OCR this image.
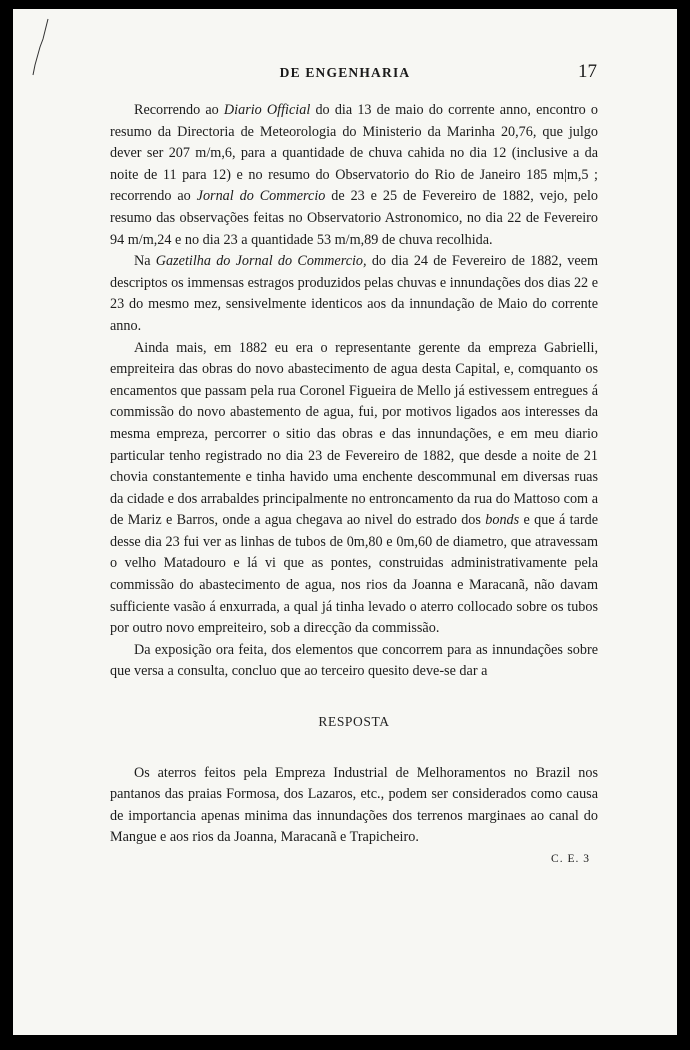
DE ENGENHARIA	17

Recorrendo ao Diario Official do dia 13 de maio do corrente anno, encontro o resumo da Directoria de Meteorologia do Ministerio da Marinha 20,76, que julgo dever ser 207 m/m,6, para a quantidade de chuva cahida no dia 12 (inclusive a da noite de 11 para 12) e no resumo do Observatorio do Rio de Janeiro 185 m|m,5 ; recorrendo ao Jornal do Commercio de 23 e 25 de Fevereiro de 1882, vejo, pelo resumo das observações feitas no Observatorio Astronomico, no dia 22 de Fevereiro 94 m/m,24 e no dia 23 a quantidade 53 m/m,89 de chuva recolhida.

Na Gazetilha do Jornal do Commercio, do dia 24 de Fevereiro de 1882, veem descriptos os immensas estragos produzidos pelas chuvas e innundações dos dias 22 e 23 do mesmo mez, sensivelmente identicos aos da innundação de Maio do corrente anno.

Ainda mais, em 1882 eu era o representante gerente da empreza Gabrielli, empreiteira das obras do novo abastecimento de agua desta Capital, e, comquanto os encamentos que passam pela rua Coronel Figueira de Mello já estivessem entregues á commissão do novo abastemento de agua, fui, por motivos ligados aos interesses da mesma empreza, percorrer o sitio das obras e das innundações, e em meu diario particular tenho registrado no dia 23 de Fevereiro de 1882, que desde a noite de 21 chovia constantemente e tinha havido uma enchente descommunal em diversas ruas da cidade e dos arrabaldes principalmente no entroncamento da rua do Mattoso com a de Mariz e Barros, onde a agua chegava ao nivel do estrado dos bonds e que á tarde desse dia 23 fui ver as linhas de tubos de 0m,80 e 0m,60 de diametro, que atravessam o velho Matadouro e lá vi que as pontes, construidas administrativamente pela commissão do abastecimento de agua, nos rios da Joanna e Maracanã, não davam sufficiente vasão á enxurrada, a qual já tinha levado o aterro collocado sobre os tubos por outro novo empreiteiro, sob a direcção da commissão.

Da exposição ora feita, dos elementos que concorrem para as innundações sobre que versa a consulta, concluo que ao terceiro quesito deve-se dar a

RESPOSTA

Os aterros feitos pela Empreza Industrial de Melhoramentos no Brazil nos pantanos das praias Formosa, dos Lazaros, etc., podem ser considerados como causa de importancia apenas minima das innundações dos terrenos marginaes ao canal do Mangue e aos rios da Joanna, Maracanã e Trapicheiro.

C. E. 3
